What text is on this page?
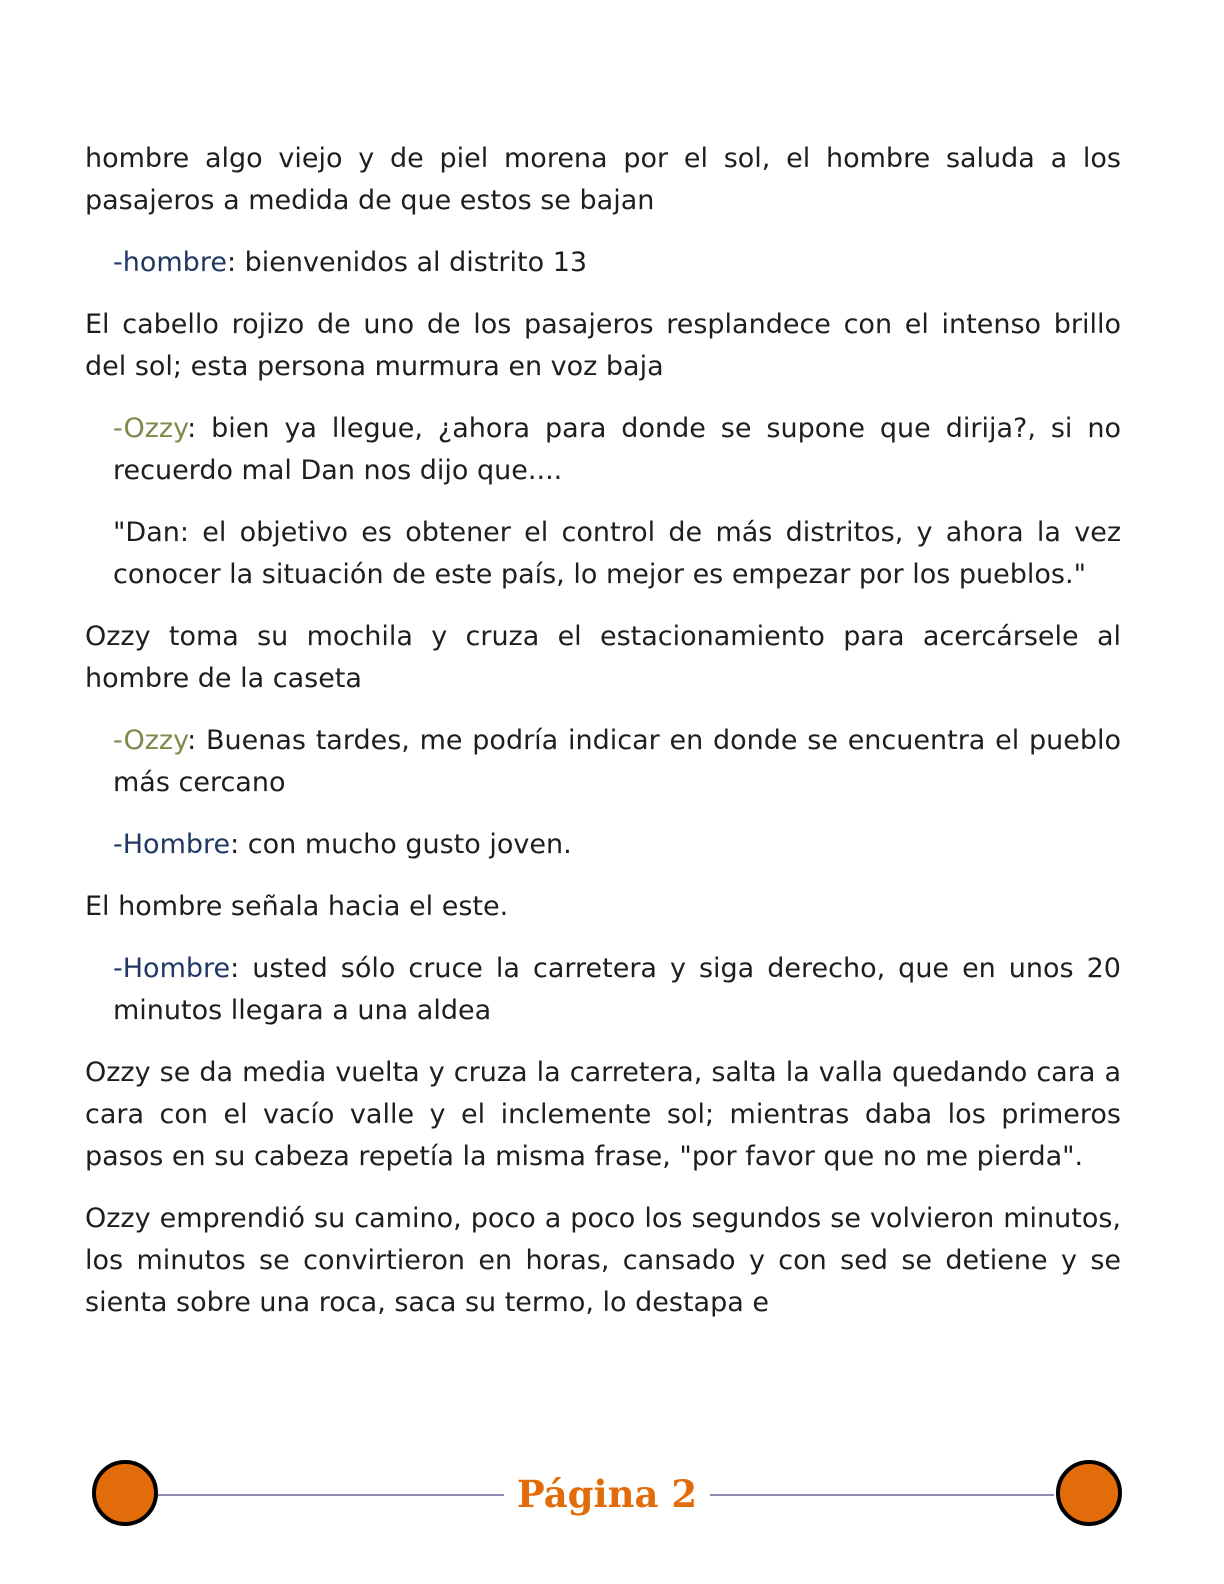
hombre algo viejo y de piel morena por el sol, el hombre saluda a los pasajeros a medida de que estos se bajan

-hombre: bienvenidos al distrito 13

El cabello rojizo de uno de los pasajeros resplandece con el intenso brillo del sol; esta persona murmura en voz baja

-Ozzy: bien ya llegue, ¿ahora para donde se supone que dirija?, si no recuerdo mal Dan nos dijo que....

"Dan: el objetivo es obtener el control de más distritos, y ahora la vez conocer la situación de este país, lo mejor es empezar por los pueblos."

Ozzy toma su mochila y cruza el estacionamiento para acercársele al hombre de la caseta

-Ozzy: Buenas tardes, me podría indicar en donde se encuentra el pueblo más cercano

-Hombre: con mucho gusto joven.

El hombre señala hacia el este.

-Hombre: usted sólo cruce la carretera y siga derecho, que en unos 20 minutos llegara a una aldea

Ozzy se da media vuelta y cruza la carretera, salta la valla quedando cara a cara con el vacío valle y el inclemente sol; mientras daba los primeros pasos en su cabeza repetía la misma frase, "por favor que no me pierda".

Ozzy emprendió su camino, poco a poco los segundos se volvieron minutos, los minutos se convirtieron en horas, cansado y con sed se detiene y se sienta sobre una roca, saca su termo, lo destapa e

Página 2
